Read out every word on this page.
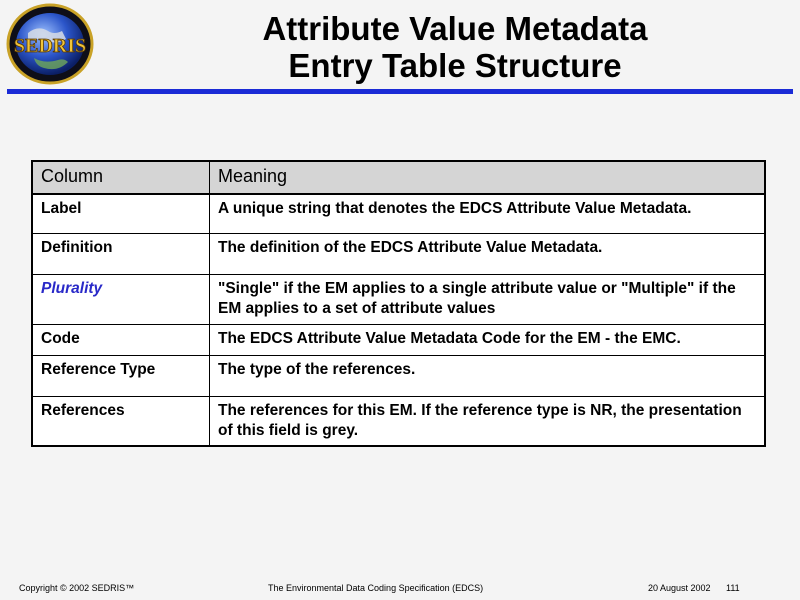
SEDRIS	Attribute Value Metadata
Entry Table Structure
Column	Meaning
Label	A unique string that denotes the EDCS Attribute Value Metadata.
Definition	The definition of the EDCS Attribute Value Metadata.
Plurality	"Single" if the EM applies to a single attribute value or "Multiple" if the EM applies to a set of attribute values
Code	The EDCS Attribute Value Metadata Code for the EM - the EMC.
Reference Type	The type of the references.
References	The references for this EM. If the reference type is NR, the presentation of this field is grey.
Copyright © 2002 SEDRIS™	The Environmental Data Coding Specification (EDCS)	20 August 2002 111
